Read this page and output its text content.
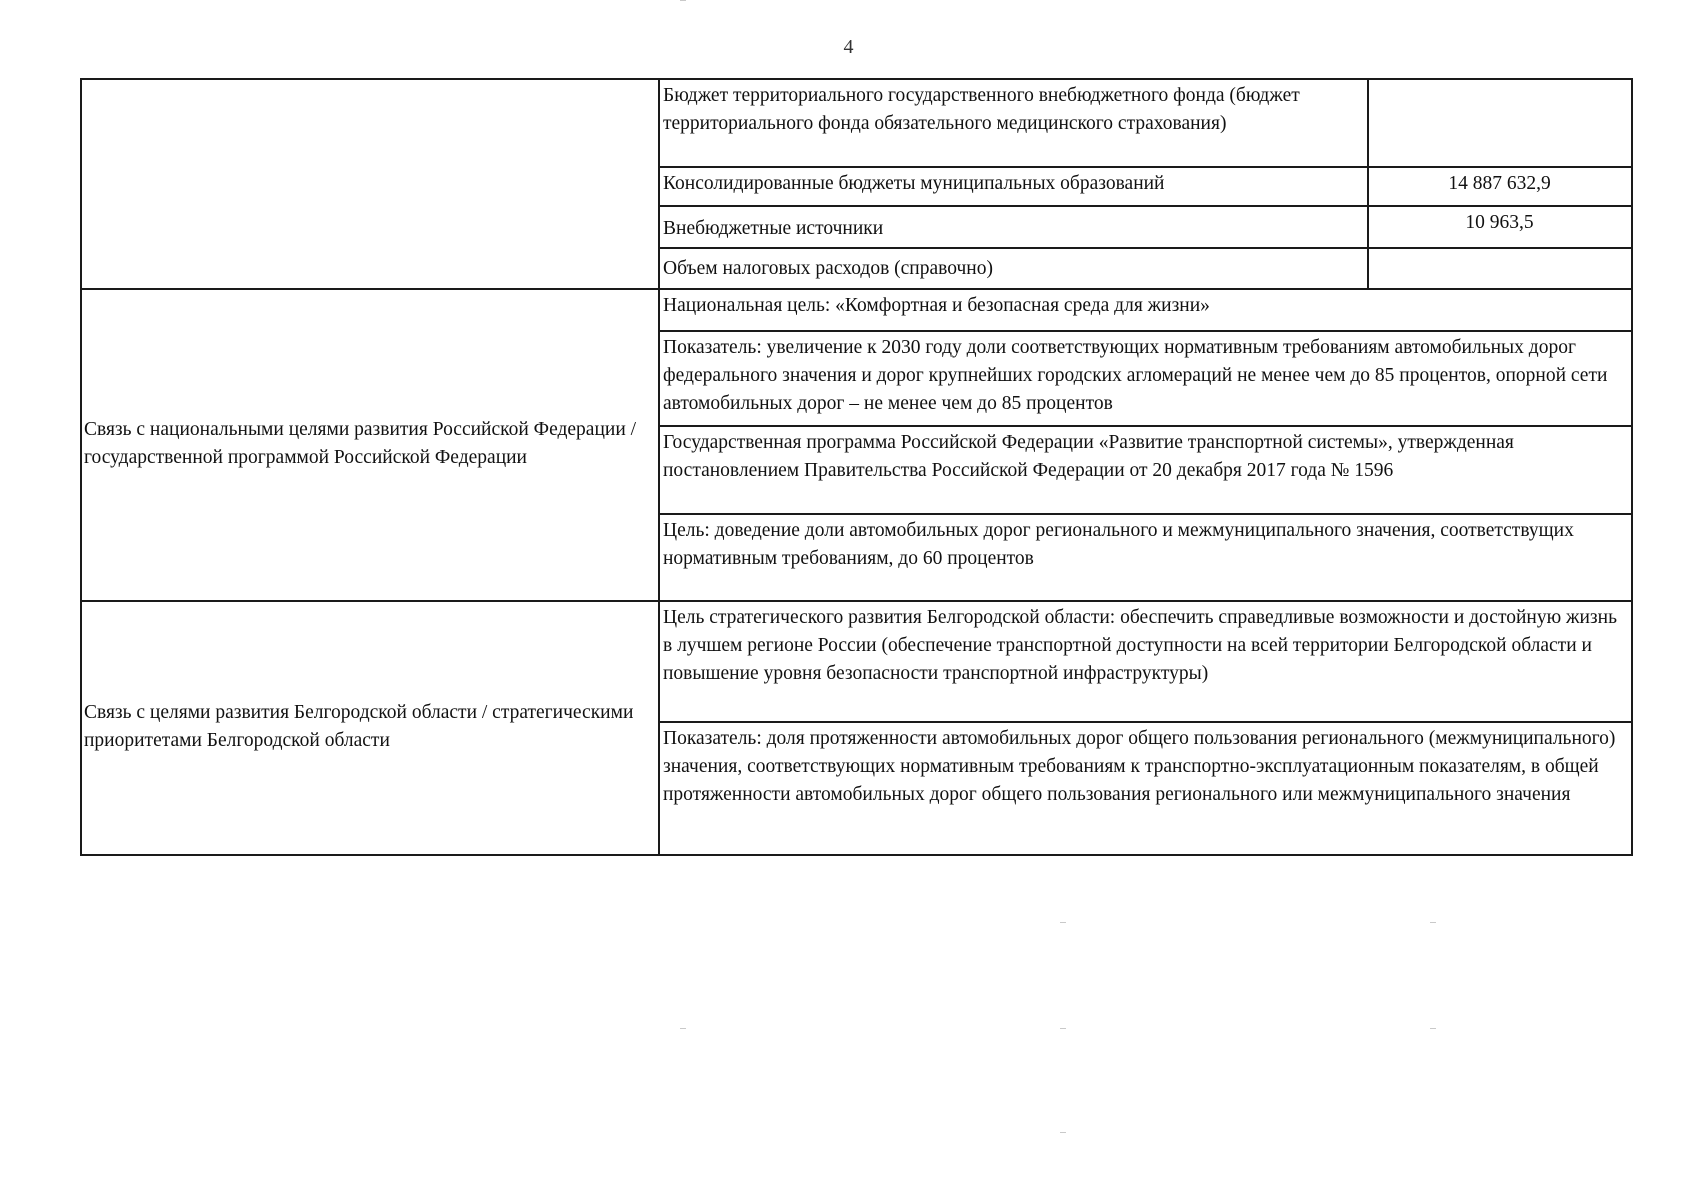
4
	Бюджет территориального государственного внебюджетного фонда (бюджет территориального фонда обязательного медицинского страхования)	
	Консолидированные бюджеты муниципальных образований	14 887 632,9
	Внебюджетные источники	10 963,5
	Объем налоговых расходов (справочно)	
Связь с национальными целями развития Российской Федерации / государственной программой Российской Федерации	Национальная цель: «Комфортная и безопасная среда для жизни»	
	Показатель: увеличение к 2030 году доли соответствующих нормативным требованиям автомобильных дорог федерального значения и дорог крупнейших городских агломераций не менее чем до 85 процентов, опорной сети автомобильных дорог – не менее чем до 85 процентов	
	Государственная программа Российской Федерации «Развитие транспортной системы», утвержденная постановлением Правительства Российской Федерации от 20 декабря 2017 года № 1596	
	Цель: доведение доли автомобильных дорог регионального и межмуниципального значения, соответствущих нормативным требованиям, до 60 процентов	
Связь с целями развития Белгородской области / стратегическими приоритетами Белгородской области	Цель стратегического развития Белгородской области: обеспечить справедливые возможности и достойную жизнь в лучшем регионе России (обеспечение транспортной доступности на всей территории Белгородской области и повышение уровня безопасности транспортной инфраструктуры)	
	Показатель: доля протяженности автомобильных дорог общего пользования регионального (межмуниципального) значения, соответствующих нормативным требованиям к транспортно-эксплуатационным показателям, в общей протяженности автомобильных дорог общего пользования регионального или межмуниципального значения	
